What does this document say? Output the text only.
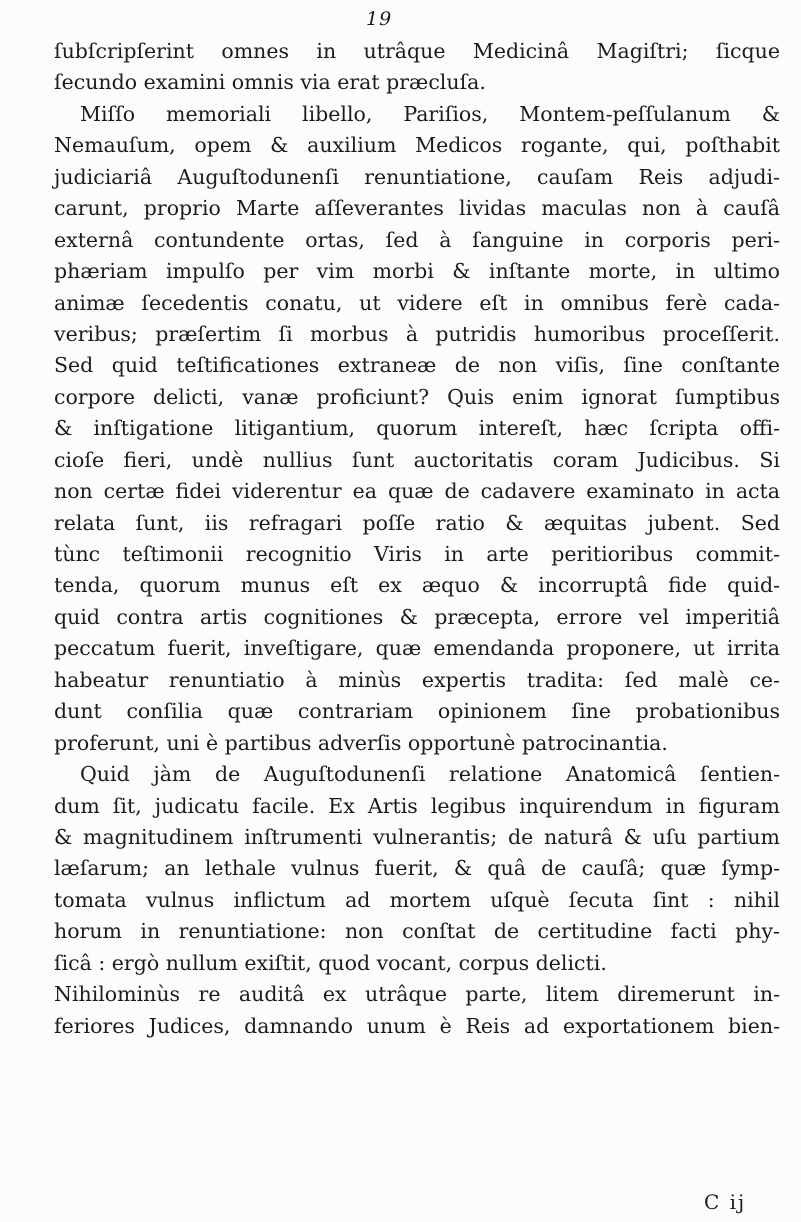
19
ſubſcripſerint omnes in utrâque Medicinâ Magiſtri; ſicque
ſecundo examini omnis via erat præcluſa.
Miſſo memoriali libello, Pariſios, Montem-peſſulanum &
Nemauſum, opem & auxilium Medicos rogante, qui, poſthabit
judiciariâ Auguſtodunenſi renuntiatione, cauſam Reis adjudi-
carunt, proprio Marte aſſeverantes lividas maculas non à cauſâ
externâ contundente ortas, ſed à ſanguine in corporis peri-
phæriam impulſo per vim morbi & inſtante morte, in ultimo
animæ ſecedentis conatu, ut videre eſt in omnibus ferè cada-
veribus; præſertim ſi morbus à putridis humoribus proceſſerit.
Sed quid teſtificationes extraneæ de non viſis, ſine conſtante
corpore delicti, vanæ proficiunt? Quis enim ignorat ſumptibus
& inſtigatione litigantium, quorum intereſt, hæc ſcripta offi-
cioſe fieri, undè nullius ſunt auctoritatis coram Judicibus. Si
non certæ fidei viderentur ea quæ de cadavere examinato in acta
relata ſunt, iis refragari poſſe ratio & æquitas jubent. Sed
tùnc teſtimonii recognitio Viris in arte peritioribus commit-
tenda, quorum munus eſt ex æquo & incorruptâ fide quid-
quid contra artis cognitiones & præcepta, errore vel imperitiâ
peccatum fuerit, inveſtigare, quæ emendanda proponere, ut irrita
habeatur renuntiatio à minùs expertis tradita: ſed malè ce-
dunt conſilia quæ contrariam opinionem ſine probationibus
proferunt, uni è partibus adverſis opportunè patrocinantia.
Quid jàm de Auguſtodunenſi relatione Anatomicâ ſentien-
dum ſit, judicatu facile. Ex Artis legibus inquirendum in figuram
& magnitudinem inſtrumenti vulnerantis; de naturâ & uſu partium
læſarum; an lethale vulnus fuerit, & quâ de cauſâ; quæ ſymp-
tomata vulnus inflictum ad mortem uſquè ſecuta ſint : nihil
horum in renuntiatione: non conſtat de certitudine facti phy-
ſicâ : ergò nullum exiſtit, quod vocant, corpus delicti.
Nihilominùs re auditâ ex utrâque parte, litem diremerunt in-
feriores Judices, damnando unum è Reis ad exportationem bien-
C ij
